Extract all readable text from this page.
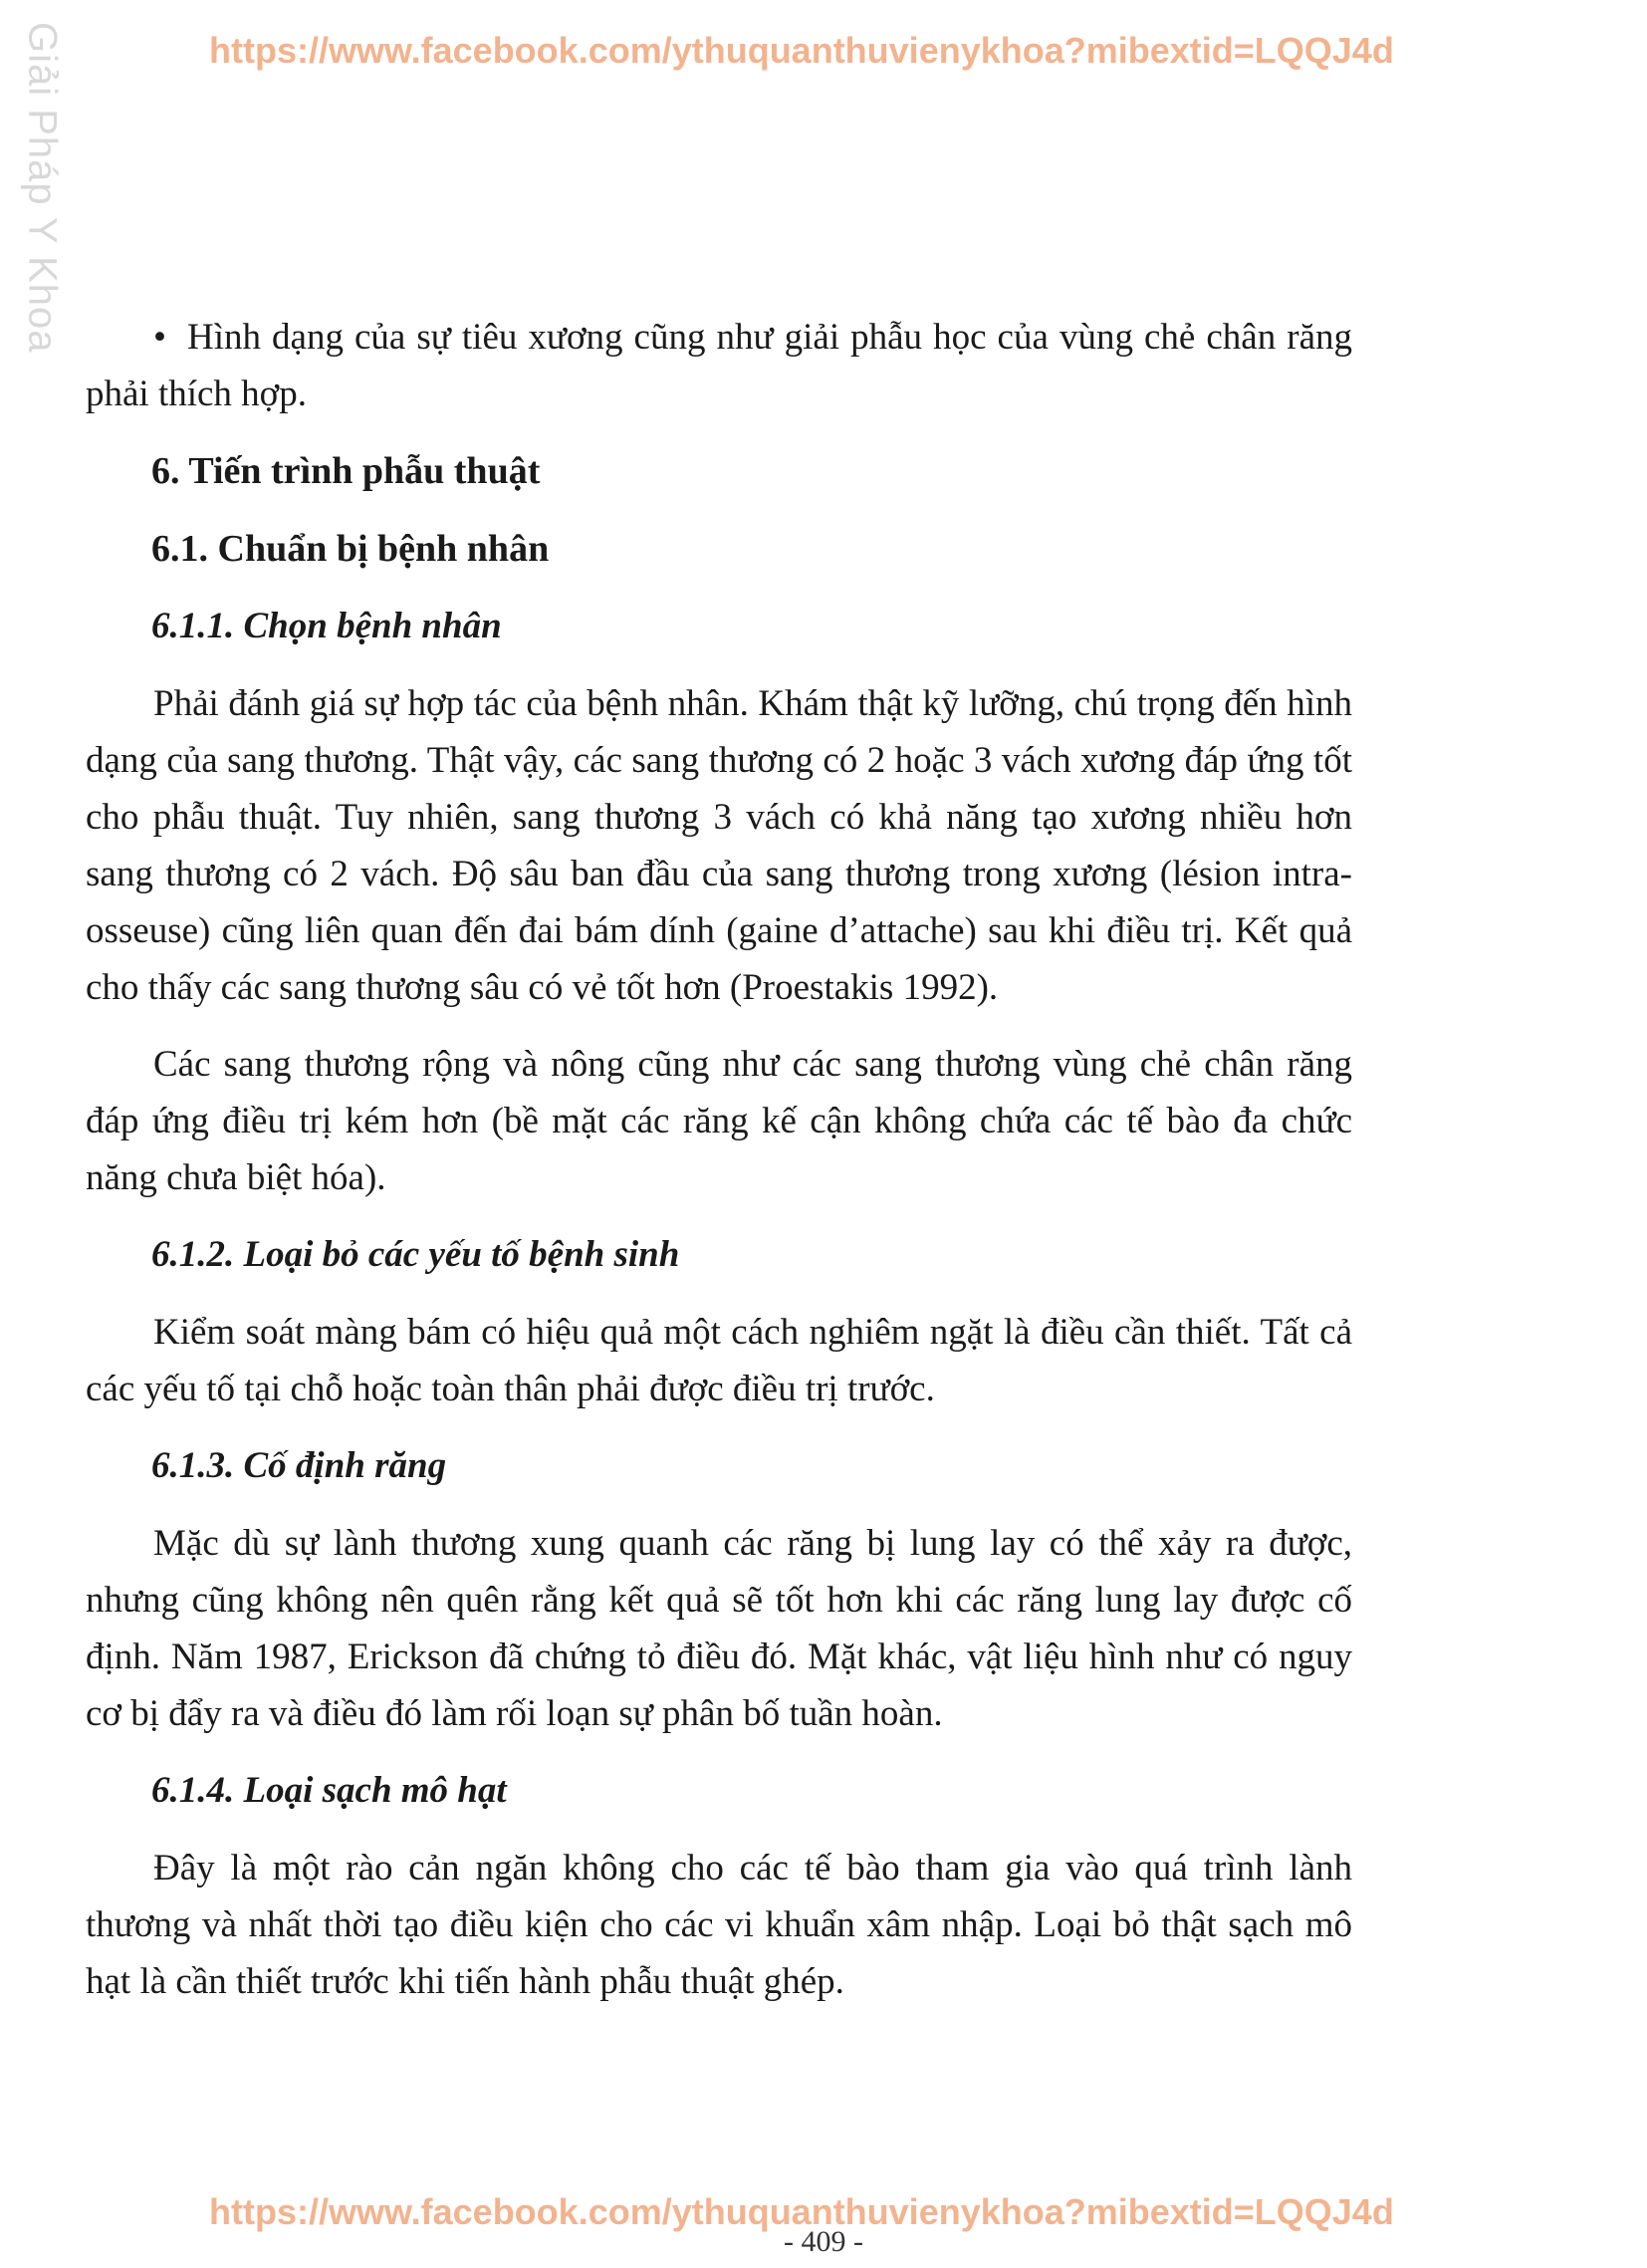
Giải Pháp Y Khoa	https://www.facebook.com/ythuquanthuvienykhoa?mibextid=LQQJ4d

• Hình dạng của sự tiêu xương cũng như giải phẫu học của vùng chẻ chân răng phải thích hợp.

6. Tiến trình phẫu thuật
6.1. Chuẩn bị bệnh nhân
6.1.1. Chọn bệnh nhân

Phải đánh giá sự hợp tác của bệnh nhân. Khám thật kỹ lưỡng, chú trọng đến hình dạng của sang thương. Thật vậy, các sang thương có 2 hoặc 3 vách xương đáp ứng tốt cho phẫu thuật. Tuy nhiên, sang thương 3 vách có khả năng tạo xương nhiều hơn sang thương có 2 vách. Độ sâu ban đầu của sang thương trong xương (lésion intra-osseuse) cũng liên quan đến đai bám dính (gaine d’attache) sau khi điều trị. Kết quả cho thấy các sang thương sâu có vẻ tốt hơn (Proestakis 1992).

Các sang thương rộng và nông cũng như các sang thương vùng chẻ chân răng đáp ứng điều trị kém hơn (bề mặt các răng kế cận không chứa các tế bào đa chức năng chưa biệt hóa).

6.1.2. Loại bỏ các yếu tố bệnh sinh

Kiểm soát màng bám có hiệu quả một cách nghiêm ngặt là điều cần thiết. Tất cả các yếu tố tại chỗ hoặc toàn thân phải được điều trị trước.

6.1.3. Cố định răng

Mặc dù sự lành thương xung quanh các răng bị lung lay có thể xảy ra được, nhưng cũng không nên quên rằng kết quả sẽ tốt hơn khi các răng lung lay được cố định. Năm 1987, Erickson đã chứng tỏ điều đó. Mặt khác, vật liệu hình như có nguy cơ bị đẩy ra và điều đó làm rối loạn sự phân bố tuần hoàn.

6.1.4. Loại sạch mô hạt

Đây là một rào cản ngăn không cho các tế bào tham gia vào quá trình lành thương và nhất thời tạo điều kiện cho các vi khuẩn xâm nhập. Loại bỏ thật sạch mô hạt là cần thiết trước khi tiến hành phẫu thuật ghép.

https://www.facebook.com/ythuquanthuvienykhoa?mibextid=LQQJ4d
- 409 -
